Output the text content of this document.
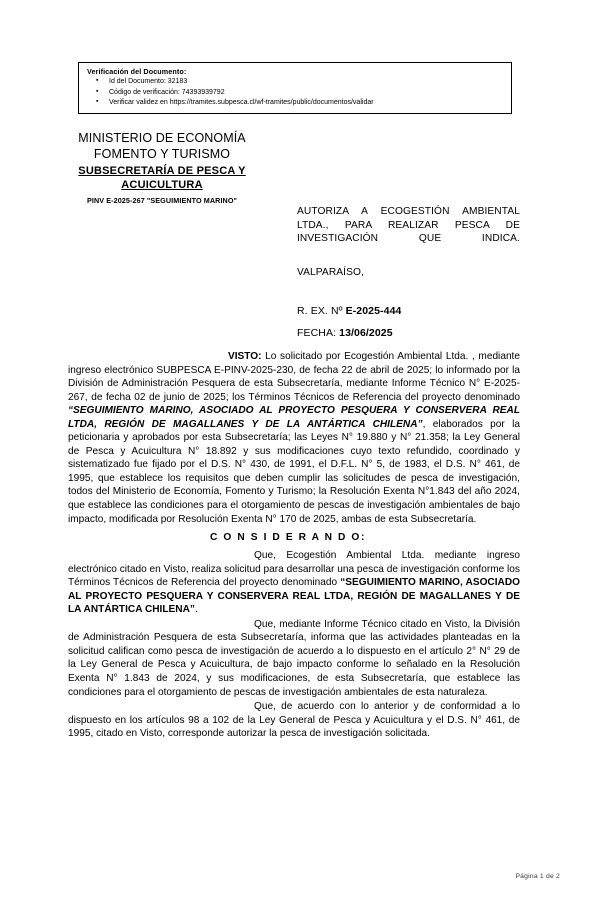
Verificación del Documento:
▪ Id del Documento: 32183
▪ Código de verificación: 74393939792
▪ Verificar validez en https://tramites.subpesca.cl/wf-tramites/public/documentos/validar
MINISTERIO DE ECONOMÍA
FOMENTO Y TURISMO
SUBSECRETARÍA DE PESCA Y
ACUICULTURA
PINV E-2025-267 "SEGUIMIENTO MARINO"
AUTORIZA A ECOGESTIÓN AMBIENTAL LTDA., PARA REALIZAR PESCA DE INVESTIGACIÓN QUE INDICA.
VALPARAÍSO,
R. EX. Nº E-2025-444
FECHA: 13/06/2025

VISTO: Lo solicitado por Ecogestión Ambiental Ltda. , mediante ingreso electrónico SUBPESCA E-PINV-2025-230, de fecha 22 de abril de 2025; lo informado por la División de Administración Pesquera de esta Subsecretaría, mediante Informe Técnico N° E-2025-267, de fecha 02 de junio de 2025; los Términos Técnicos de Referencia del proyecto denominado “SEGUIMIENTO MARINO, ASOCIADO AL PROYECTO PESQUERA Y CONSERVERA REAL LTDA, REGIÓN DE MAGALLANES Y DE LA ANTÁRTICA CHILENA”, elaborados por la peticionaria y aprobados por esta Subsecretaría; las Leyes N° 19.880 y N° 21.358; la Ley General de Pesca y Acuicultura N° 18.892 y sus modificaciones cuyo texto refundido, coordinado y sistematizado fue fijado por el D.S. N° 430, de 1991, el D.F.L. N° 5, de 1983, el D.S. N° 461, de 1995, que establece los requisitos que deben cumplir las solicitudes de pesca de investigación, todos del Ministerio de Economía, Fomento y Turismo; la Resolución Exenta N°1.843 del año 2024, que establece las condiciones para el otorgamiento de pescas de investigación ambientales de bajo impacto, modificada por Resolución Exenta N° 170 de 2025, ambas de esta Subsecretaría.

C O N S I D E R A N D O:

Que, Ecogestión Ambiental Ltda. mediante ingreso electrónico citado en Visto, realiza solicitud para desarrollar una pesca de investigación conforme los Términos Técnicos de Referencia del proyecto denominado “SEGUIMIENTO MARINO, ASOCIADO AL PROYECTO PESQUERA Y CONSERVERA REAL LTDA, REGIÓN DE MAGALLANES Y DE LA ANTÁRTICA CHILENA”.

Que, mediante Informe Técnico citado en Visto, la División de Administración Pesquera de esta Subsecretaría, informa que las actividades planteadas en la solicitud califican como pesca de investigación de acuerdo a lo dispuesto en el artículo 2° N° 29 de la Ley General de Pesca y Acuicultura, de bajo impacto conforme lo señalado en la Resolución Exenta N° 1.843 de 2024, y sus modificaciones, de esta Subsecretaría, que establece las condiciones para el otorgamiento de pescas de investigación ambientales de esta naturaleza.

Que, de acuerdo con lo anterior y de conformidad a lo dispuesto en los artículos 98 a 102 de la Ley General de Pesca y Acuicultura y el D.S. N° 461, de 1995, citado en Visto, corresponde autorizar la pesca de investigación solicitada.

Página 1 de 2
